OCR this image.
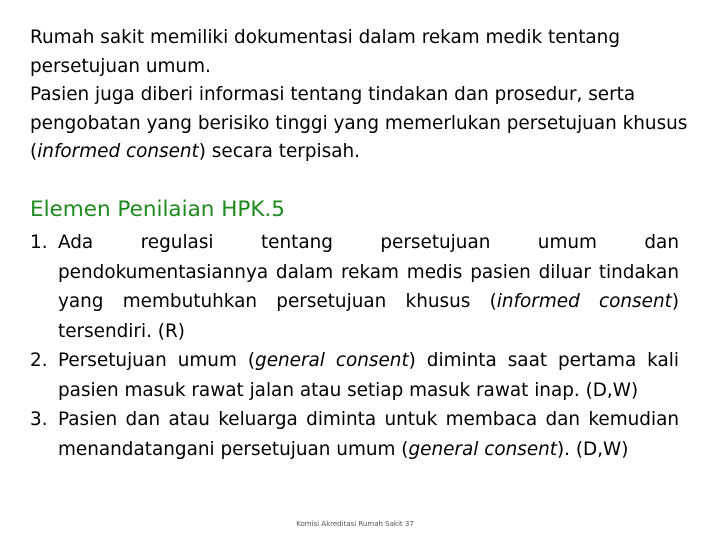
Rumah sakit memiliki dokumentasi dalam rekam medik tentang persetujuan umum.

Pasien juga diberi informasi tentang tindakan dan prosedur, serta pengobatan yang berisiko tinggi yang memerlukan persetujuan khusus (informed consent) secara terpisah.

Elemen Penilaian HPK.5
1. Ada regulasi tentang persetujuan umum dan pendokumentasiannya dalam rekam medis pasien diluar tindakan yang membutuhkan persetujuan khusus (informed consent) tersendiri. (R)
2. Persetujuan umum (general consent) diminta saat pertama kali pasien masuk rawat jalan atau setiap masuk rawat inap. (D,W)
3. Pasien dan atau keluarga diminta untuk membaca dan kemudian menandatangani persetujuan umum (general consent). (D,W)
Komisi Akreditasi Rumah Sakit 37
